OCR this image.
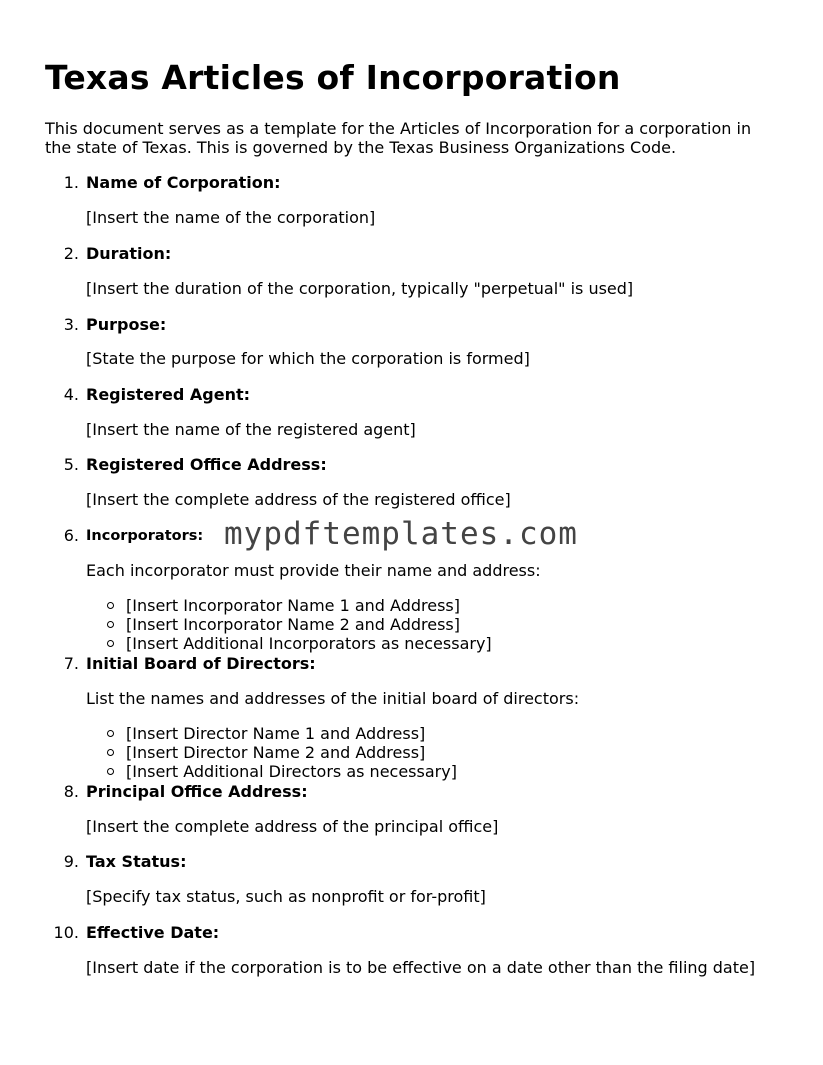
Texas Articles of Incorporation

This document serves as a template for the Articles of Incorporation for a corporation in
the state of Texas. This is governed by the Texas Business Organizations Code.

1. Name of Corporation:
[Insert the name of the corporation]
2. Duration:
[Insert the duration of the corporation, typically "perpetual" is used]
3. Purpose:
[State the purpose for which the corporation is formed]
4. Registered Agent:
[Insert the name of the registered agent]
5. Registered Office Address:
[Insert the complete address of the registered office]
6. Incorporators: mypdftemplates.com
Each incorporator must provide their name and address:
[Insert Incorporator Name 1 and Address]
[Insert Incorporator Name 2 and Address]
[Insert Additional Incorporators as necessary]
7. Initial Board of Directors:
List the names and addresses of the initial board of directors:
[Insert Director Name 1 and Address]
[Insert Director Name 2 and Address]
[Insert Additional Directors as necessary]
8. Principal Office Address:
[Insert the complete address of the principal office]
9. Tax Status:
[Specify tax status, such as nonprofit or for-profit]
10. Effective Date:
[Insert date if the corporation is to be effective on a date other than the filing date]
